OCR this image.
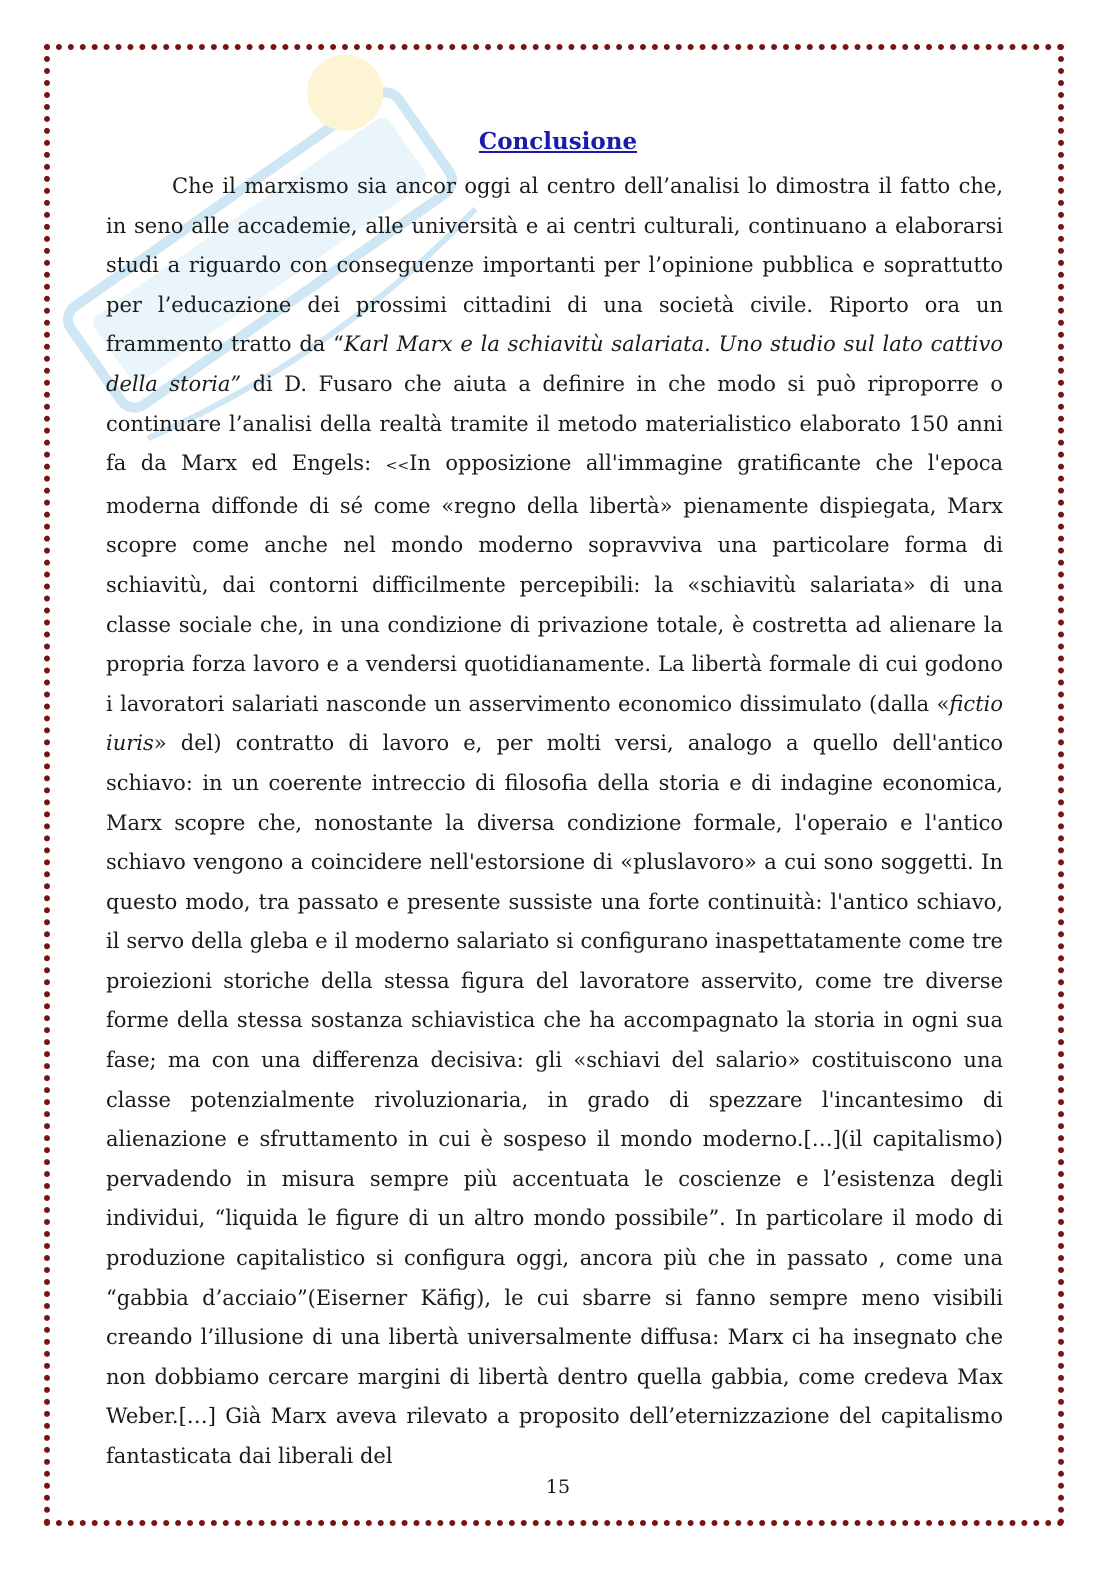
Conclusione

Che il marxismo sia ancor oggi al centro dell’analisi lo dimostra il fatto che, in seno alle accademie, alle università e ai centri culturali, continuano a elaborarsi studi a riguardo con conseguenze importanti per l’opinione pubblica e soprattutto per l’educazione dei prossimi cittadini di una società civile. Riporto ora un frammento tratto da “Karl Marx e la schiavitù salariata. Uno studio sul lato cattivo della storia” di D. Fusaro che aiuta a definire in che modo si può riproporre o continuare l’analisi della realtà tramite il metodo materialistico elaborato 150 anni fa da Marx ed Engels: <<In opposizione all'immagine gratificante che l'epoca moderna diffonde di sé come «regno della libertà» pienamente dispiegata, Marx scopre come anche nel mondo moderno sopravviva una particolare forma di schiavitù, dai contorni difficilmente percepibili: la «schiavitù salariata» di una classe sociale che, in una condizione di privazione totale, è costretta ad alienare la propria forza lavoro e a vendersi quotidianamente. La libertà formale di cui godono i lavoratori salariati nasconde un asservimento economico dissimulato (dalla «fictio iuris» del) contratto di lavoro e, per molti versi, analogo a quello dell'antico schiavo: in un coerente intreccio di filosofia della storia e di indagine economica, Marx scopre che, nonostante la diversa condizione formale, l'operaio e l'antico schiavo vengono a coincidere nell'estorsione di «pluslavoro» a cui sono soggetti. In questo modo, tra passato e presente sussiste una forte continuità: l'antico schiavo, il servo della gleba e il moderno salariato si configurano inaspettatamente come tre proiezioni storiche della stessa figura del lavoratore asservito, come tre diverse forme della stessa sostanza schiavistica che ha accompagnato la storia in ogni sua fase; ma con una differenza decisiva: gli «schiavi del salario» costituiscono una classe potenzialmente rivoluzionaria, in grado di spezzare l'incantesimo di alienazione e sfruttamento in cui è sospeso il mondo moderno.[…](il capitalismo) pervadendo in misura sempre più accentuata le coscienze e l’esistenza degli individui, “liquida le figure di un altro mondo possibile”. In particolare il modo di produzione capitalistico si configura oggi, ancora più che in passato , come una “gabbia d’acciaio”(Eiserner Käfig), le cui sbarre si fanno sempre meno visibili creando l’illusione di una libertà universalmente diffusa: Marx ci ha insegnato che non dobbiamo cercare margini di libertà dentro quella gabbia, come credeva Max Weber.[…] Già Marx aveva rilevato a proposito dell’eternizzazione del capitalismo fantasticata dai liberali del

15
